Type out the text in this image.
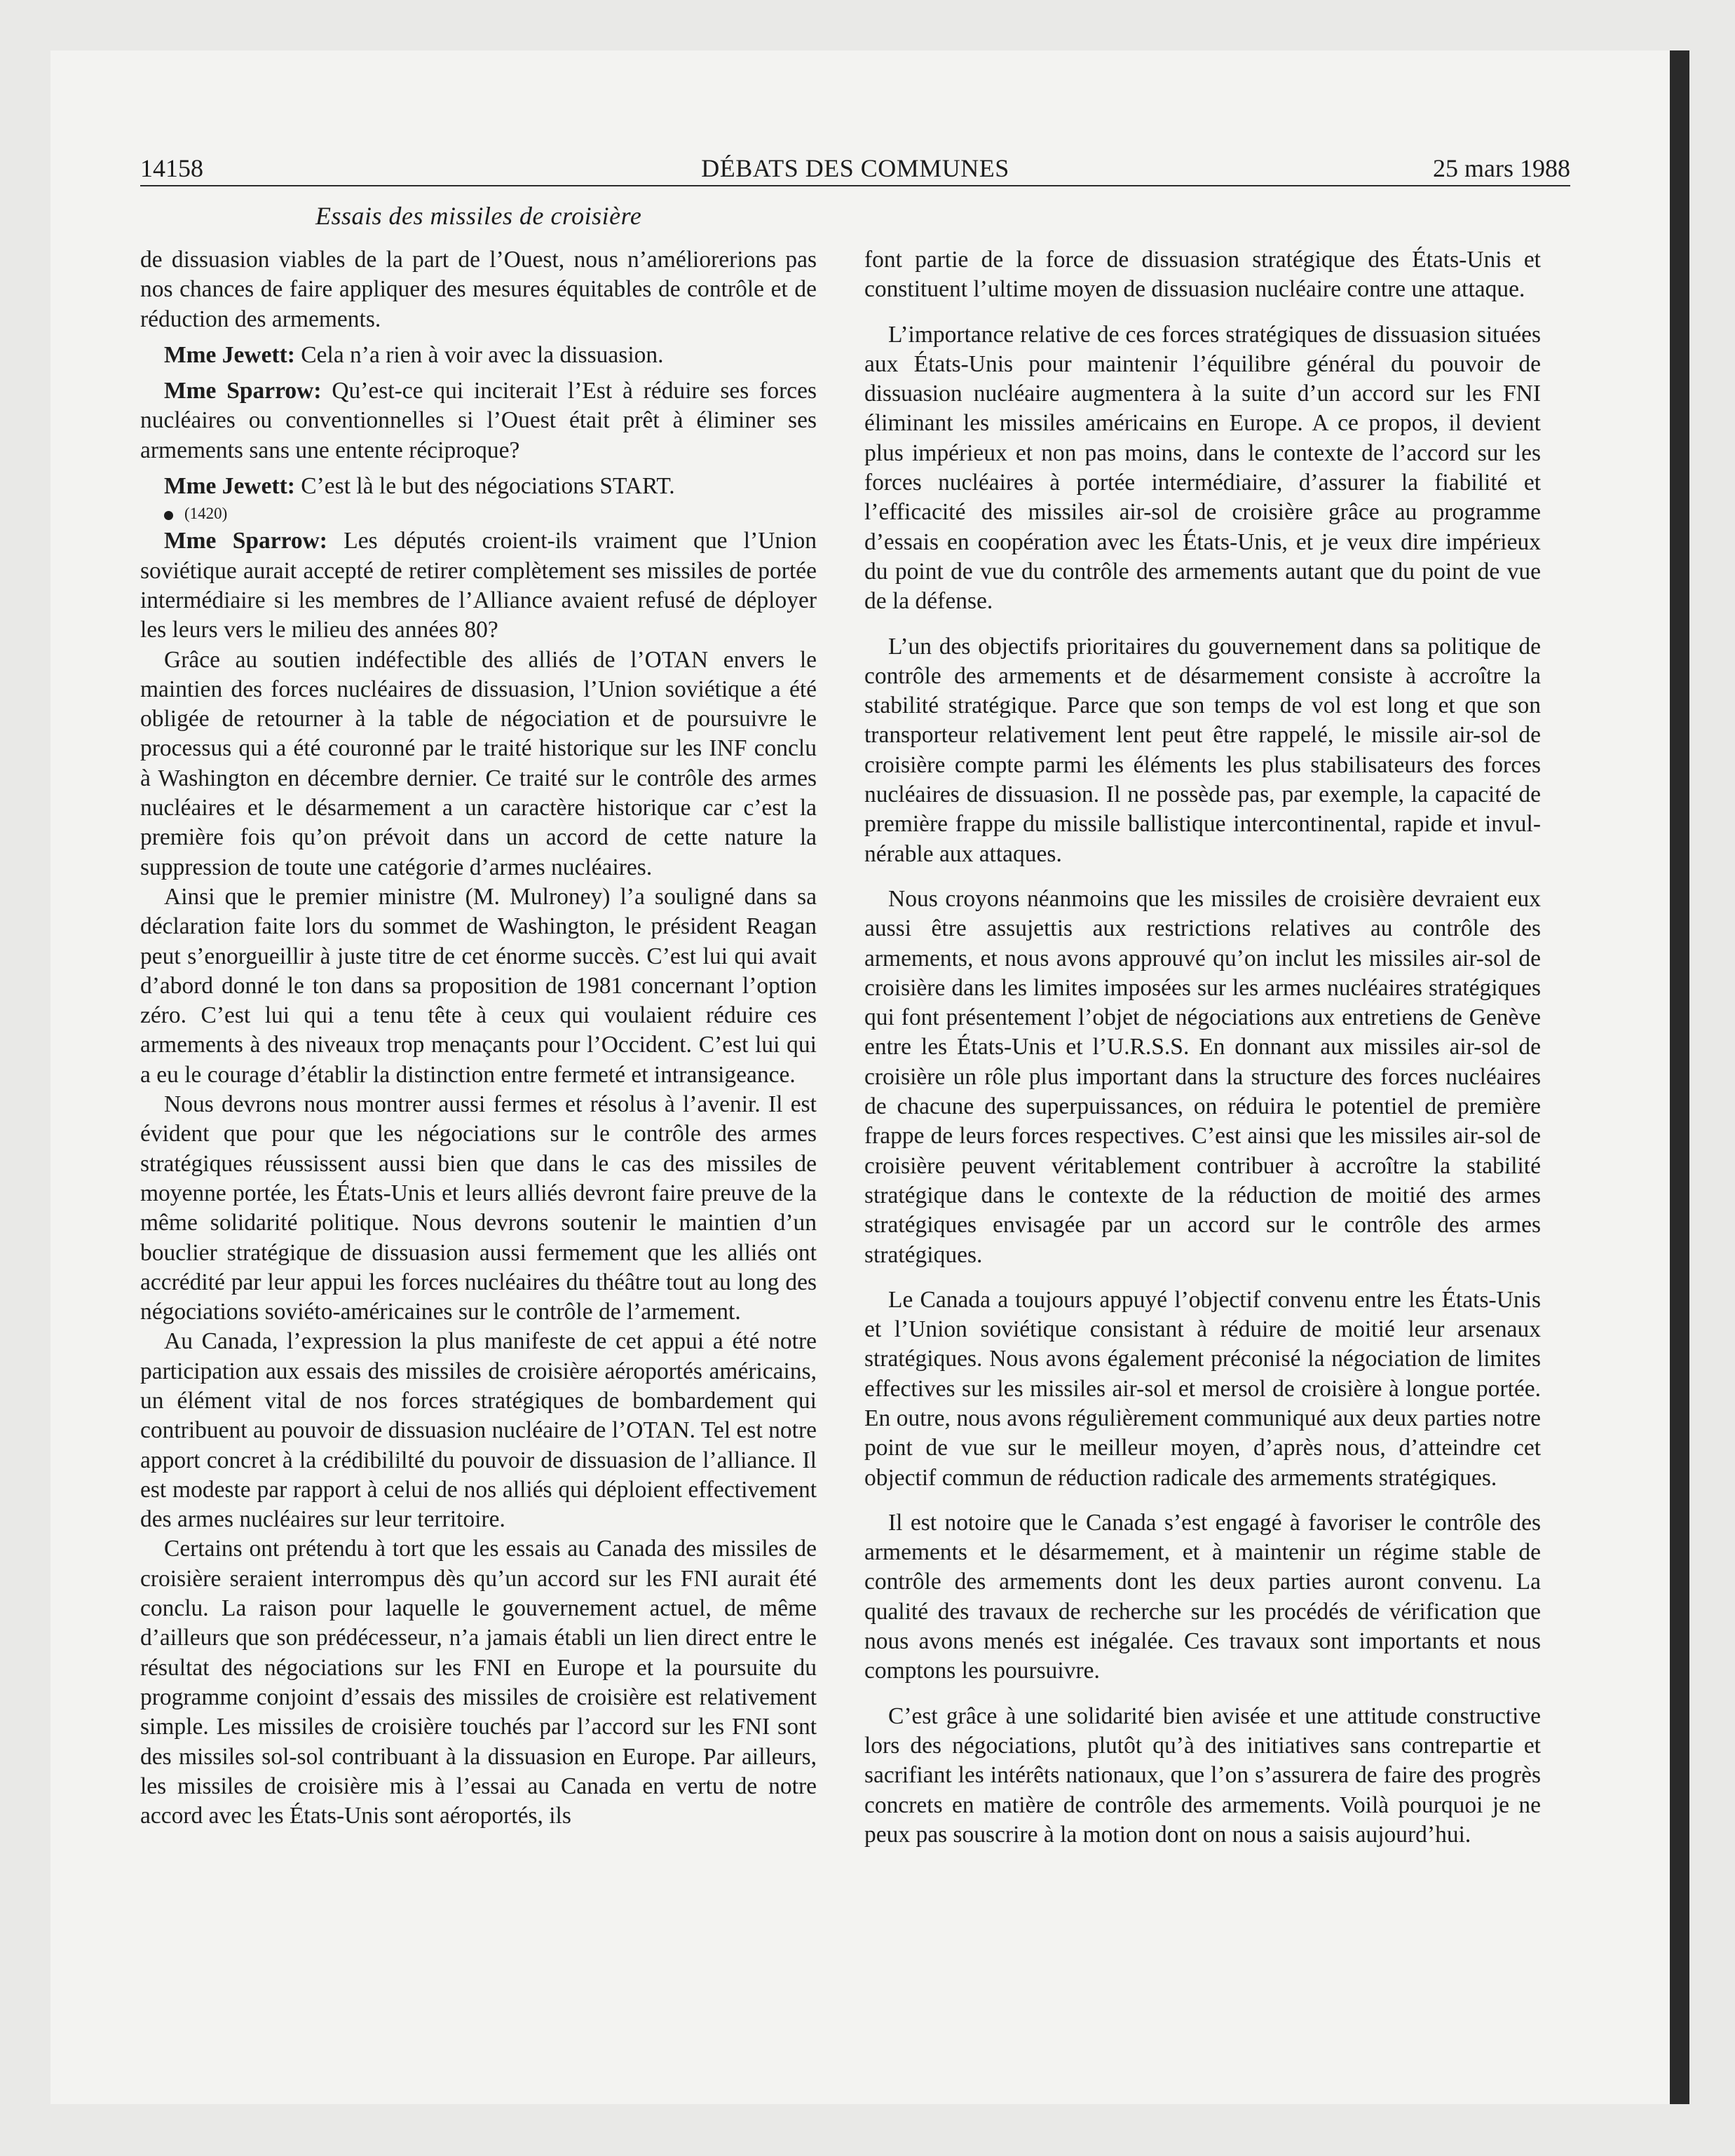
14158	DÉBATS DES COMMUNES	25 mars 1988
Essais des missiles de croisière

de dissuasion viables de la part de l’Ouest, nous n’améliorerions pas nos chances de faire appliquer des mesures équitables de contrôle et de réduction des armements.

Mme Jewett: Cela n’a rien à voir avec la dissuasion.

Mme Sparrow: Qu’est-ce qui inciterait l’Est à réduire ses forces nucléaires ou conventionnelles si l’Ouest était prêt à éliminer ses armements sans une entente réciproque?

Mme Jewett: C’est là le but des négociations START.

(1420)

Mme Sparrow: Les députés croient-ils vraiment que l’Union soviétique aurait accepté de retirer complètement ses missiles de portée intermédiaire si les membres de l’Alliance avaient refusé de déployer les leurs vers le milieu des années 80?

Grâce au soutien indéfectible des alliés de l’OTAN envers le maintien des forces nucléaires de dissuasion, l’Union soviétique a été obligée de retourner à la table de négociation et de poursuivre le processus qui a été couronné par le traité historique sur les INF conclu à Washington en décembre dernier. Ce traité sur le contrôle des armes nucléaires et le désarmement a un caractère historique car c’est la première fois qu’on prévoit dans un accord de cette nature la suppression de toute une catégorie d’armes nucléaires.

Ainsi que le premier ministre (M. Mulroney) l’a souligné dans sa déclaration faite lors du sommet de Washington, le président Reagan peut s’enorgueillir à juste titre de cet énorme succès. C’est lui qui avait d’abord donné le ton dans sa proposition de 1981 concernant l’option zéro. C’est lui qui a tenu tête à ceux qui voulaient réduire ces armements à des niveaux trop menaçants pour l’Occident. C’est lui qui a eu le courage d’établir la distinction entre fermeté et intransigeance.

Nous devrons nous montrer aussi fermes et résolus à l’avenir. Il est évident que pour que les négociations sur le contrôle des armes stratégiques réussissent aussi bien que dans le cas des missiles de moyenne portée, les États-Unis et leurs alliés devront faire preuve de la même solidarité politique. Nous devrons soutenir le maintien d’un bouclier stratégique de dissuasion aussi fermement que les alliés ont accrédité par leur appui les forces nucléaires du théâtre tout au long des négociations soviéto-américaines sur le contrôle de l’armement.

Au Canada, l’expression la plus manifeste de cet appui a été notre participation aux essais des missiles de croisière aéroportés américains, un élément vital de nos forces stratégiques de bombardement qui contribuent au pouvoir de dissuasion nucléaire de l’OTAN. Tel est notre apport concret à la crédibililté du pouvoir de dissuasion de l’alliance. Il est modeste par rapport à celui de nos alliés qui déploient effectivement des armes nucléaires sur leur territoire.

Certains ont prétendu à tort que les essais au Canada des missiles de croisière seraient interrompus dès qu’un accord sur les FNI aurait été conclu. La raison pour laquelle le gouvernement actuel, de même d’ailleurs que son prédécesseur, n’a jamais établi un lien direct entre le résultat des négociations sur les FNI en Europe et la poursuite du programme conjoint d’essais des missiles de croisière est relativement simple. Les missiles de croisière touchés par l’accord sur les FNI sont des missiles sol-sol contribuant à la dissuasion en Europe. Par ailleurs, les missiles de croisière mis à l’essai au Canada en vertu de notre accord avec les États-Unis sont aéroportés, ils

font partie de la force de dissuasion stratégique des États-Unis et constituent l’ultime moyen de dissuasion nucléaire contre une attaque.

L’importance relative de ces forces stratégiques de dissuasion situées aux États-Unis pour maintenir l’équilibre général du pouvoir de dissuasion nucléaire augmentera à la suite d’un accord sur les FNI éliminant les missiles américains en Europe. A ce propos, il devient plus impérieux et non pas moins, dans le contexte de l’accord sur les forces nucléaires à portée intermédiaire, d’assurer la fiabilité et l’efficacité des missiles air-sol de croisière grâce au programme d’essais en coopération avec les États-Unis, et je veux dire impérieux du point de vue du contrôle des armements autant que du point de vue de la défense.

L’un des objectifs prioritaires du gouvernement dans sa politique de contrôle des armements et de désarmement consiste à accroître la stabilité stratégique. Parce que son temps de vol est long et que son transporteur relativement lent peut être rappelé, le missile air-sol de croisière compte parmi les éléments les plus stabilisateurs des forces nucléaires de dissuasion. Il ne possède pas, par exemple, la capacité de première frappe du missile ballistique intercontinental, rapide et invulnérable aux attaques.

Nous croyons néanmoins que les missiles de croisière devraient eux aussi être assujettis aux restrictions relatives au contrôle des armements, et nous avons approuvé qu’on inclut les missiles air-sol de croisière dans les limites imposées sur les armes nucléaires stratégiques qui font présentement l’objet de négociations aux entretiens de Genève entre les États-Unis et l’U.R.S.S. En donnant aux missiles air-sol de croisière un rôle plus important dans la structure des forces nucléaires de chacune des superpuissances, on réduira le potentiel de première frappe de leurs forces respectives. C’est ainsi que les missiles air-sol de croisière peuvent véritablement contribuer à accroître la stabilité stratégique dans le contexte de la réduction de moitié des armes stratégiques envisagée par un accord sur le contrôle des armes stratégiques.

Le Canada a toujours appuyé l’objectif convenu entre les États-Unis et l’Union soviétique consistant à réduire de moitié leur arsenaux stratégiques. Nous avons également préconisé la négociation de limites effectives sur les missiles air-sol et mersol de croisière à longue portée. En outre, nous avons régulièrement communiqué aux deux parties notre point de vue sur le meilleur moyen, d’après nous, d’atteindre cet objectif commun de réduction radicale des armements stratégiques.

Il est notoire que le Canada s’est engagé à favoriser le contrôle des armements et le désarmement, et à maintenir un régime stable de contrôle des armements dont les deux parties auront convenu. La qualité des travaux de recherche sur les procédés de vérification que nous avons menés est inégalée. Ces travaux sont importants et nous comptons les poursuivre.

C’est grâce à une solidarité bien avisée et une attitude constructive lors des négociations, plutôt qu’à des initiatives sans contrepartie et sacrifiant les intérêts nationaux, que l’on s’assurera de faire des progrès concrets en matière de contrôle des armements. Voilà pourquoi je ne peux pas souscrire à la motion dont on nous a saisis aujourd’hui.
